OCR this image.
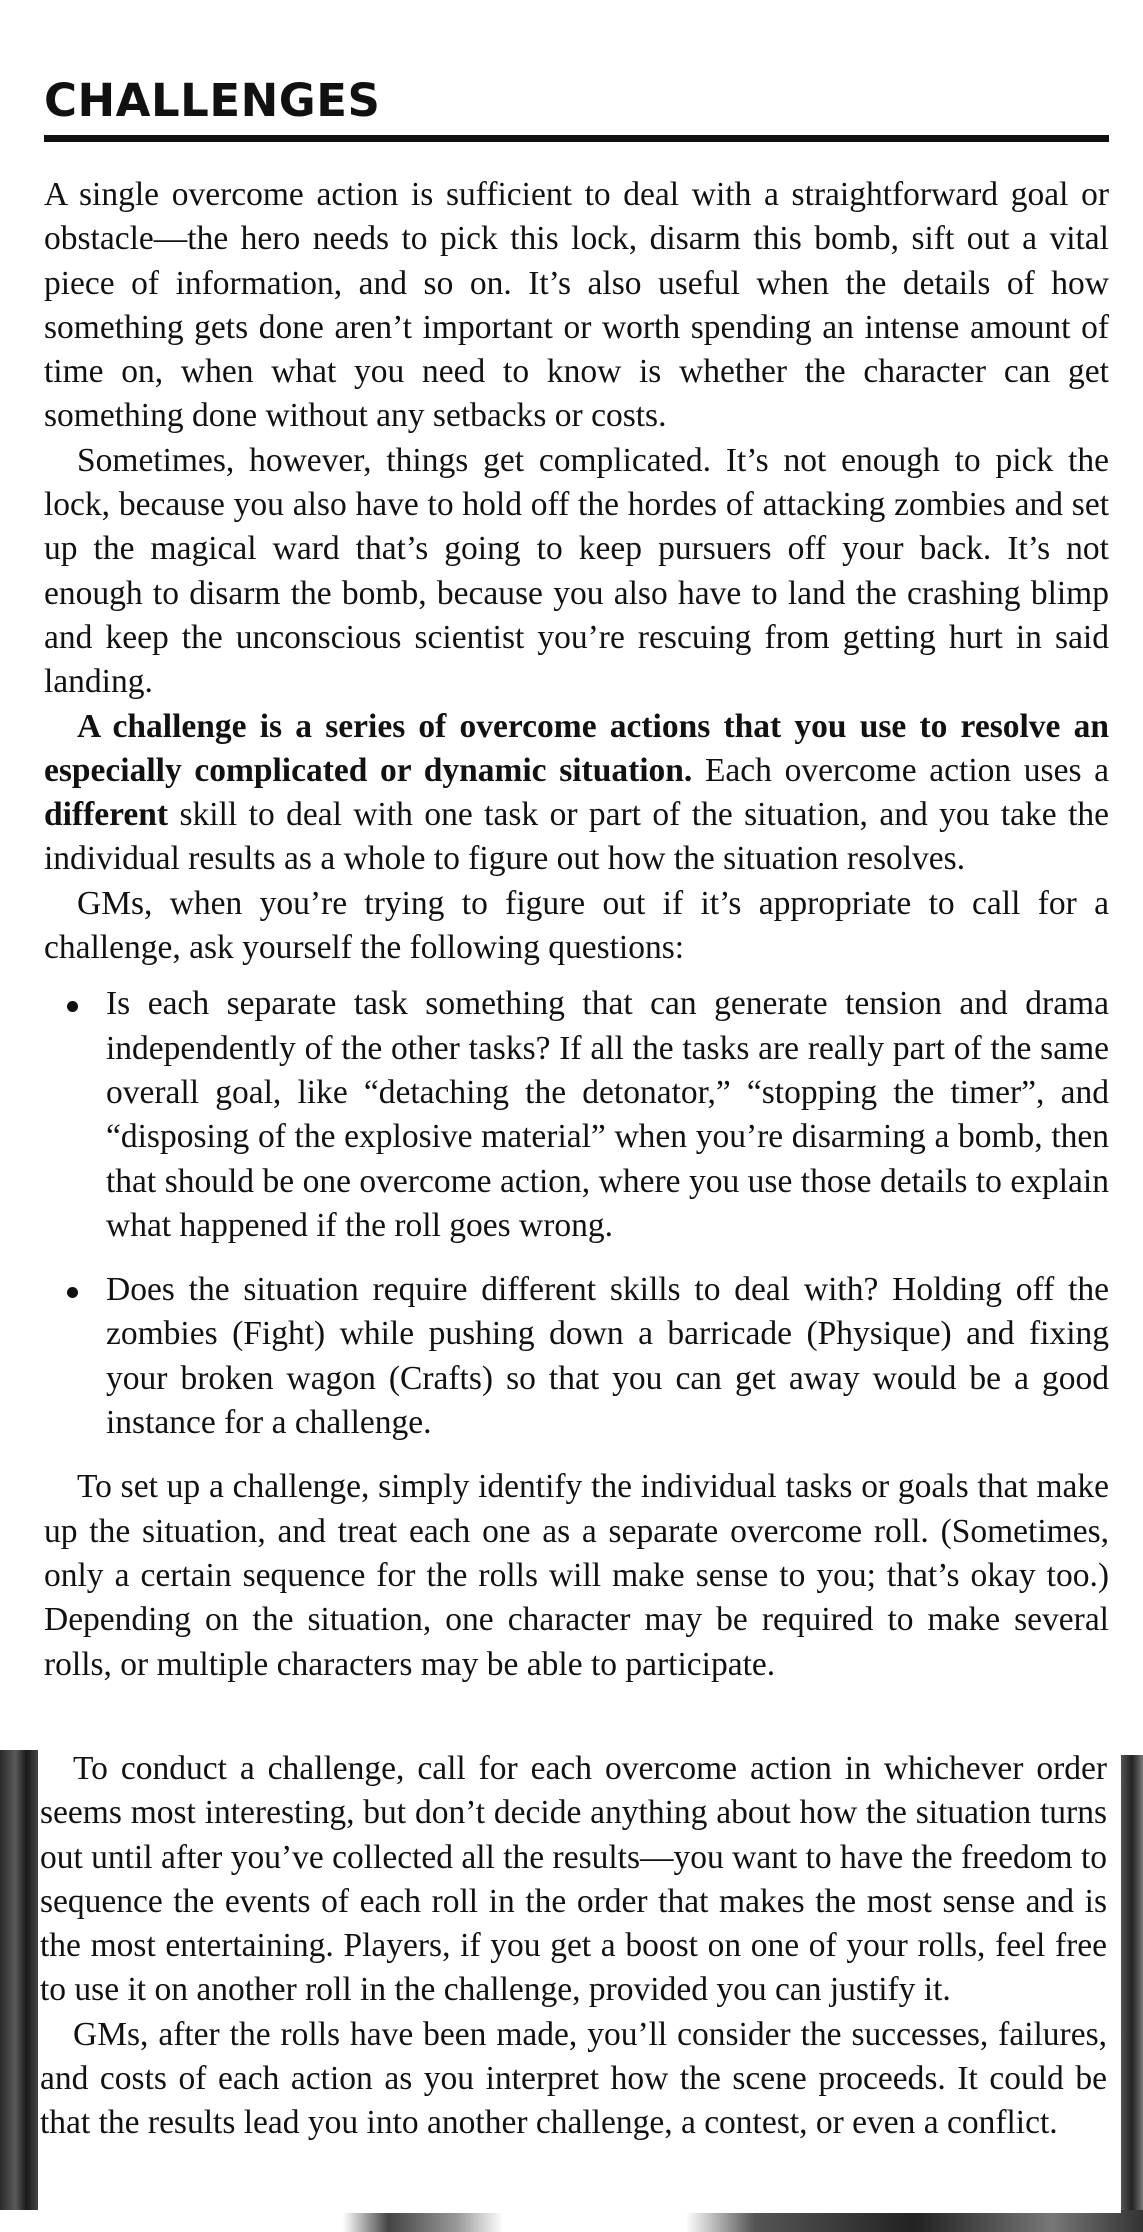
CHALLENGES

A single overcome action is sufficient to deal with a straightforward goal or obstacle—the hero needs to pick this lock, disarm this bomb, sift out a vital piece of information, and so on. It’s also useful when the details of how something gets done aren’t important or worth spending an intense amount of time on, when what you need to know is whether the character can get something done without any setbacks or costs.

Sometimes, however, things get complicated. It’s not enough to pick the lock, because you also have to hold off the hordes of attacking zombies and set up the magical ward that’s going to keep pursuers off your back. It’s not enough to disarm the bomb, because you also have to land the crashing blimp and keep the unconscious scientist you’re rescuing from getting hurt in said landing.

A challenge is a series of overcome actions that you use to resolve an especially complicated or dynamic situation. Each overcome action uses a different skill to deal with one task or part of the situation, and you take the individual results as a whole to figure out how the situation resolves.

GMs, when you’re trying to figure out if it’s appropriate to call for a challenge, ask yourself the following questions:

Is each separate task something that can generate tension and drama independently of the other tasks? If all the tasks are really part of the same overall goal, like “detaching the detonator,” “stopping the timer”, and “disposing of the explosive material” when you’re disarming a bomb, then that should be one overcome action, where you use those details to explain what happened if the roll goes wrong.
Does the situation require different skills to deal with? Holding off the zombies (Fight) while pushing down a barricade (Physique) and fixing your broken wagon (Crafts) so that you can get away would be a good instance for a challenge.

To set up a challenge, simply identify the individual tasks or goals that make up the situation, and treat each one as a separate overcome roll. (Sometimes, only a certain sequence for the rolls will make sense to you; that’s okay too.) Depending on the situation, one character may be required to make several rolls, or multiple characters may be able to participate.

To conduct a challenge, call for each overcome action in whichever order seems most interesting, but don’t decide anything about how the situation turns out until after you’ve collected all the results—you want to have the freedom to sequence the events of each roll in the order that makes the most sense and is the most entertaining. Players, if you get a boost on one of your rolls, feel free to use it on another roll in the challenge, provided you can justify it.

GMs, after the rolls have been made, you’ll consider the successes, failures, and costs of each action as you interpret how the scene proceeds. It could be that the results lead you into another challenge, a contest, or even a conflict.
